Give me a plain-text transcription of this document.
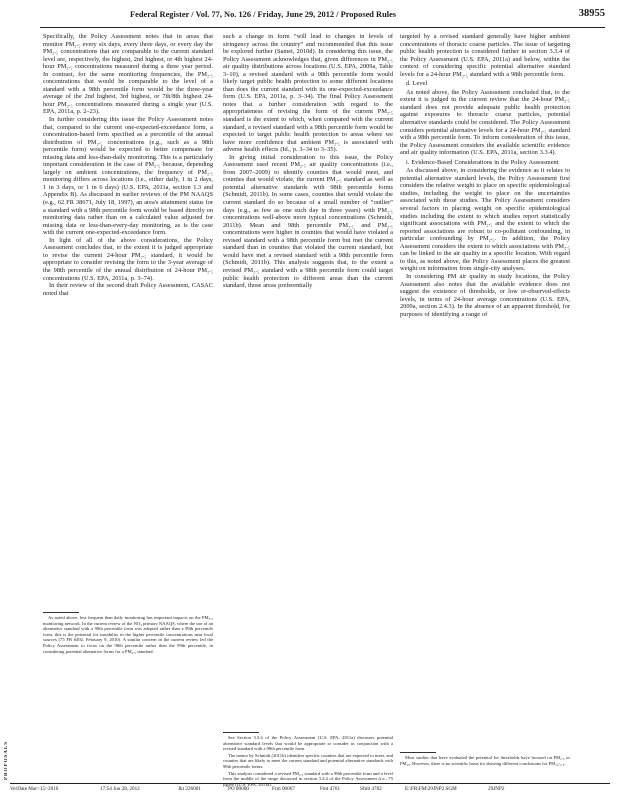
Federal Register / Vol. 77, No. 126 / Friday, June 29, 2012 / Proposed Rules	38955

Specifically, the Policy Assessment notes that in areas that monitor PM₂.₅ every six days, every three days, or every day the PM₂.₅ concentrations that are comparable to the current standard level are, respectively, the highest, 2nd highest, or 4th highest 24-hour PM₂.₅ concentrations measured during a three year period. In contrast, for the same monitoring frequencies, the PM₂.₅ concentrations that would be comparable to the level of a standard with a 98th percentile form would be the three-year average of the 2nd highest, 3rd highest, or 7th/8th highest 24-hour PM₂.₅ concentrations measured during a single year (U.S. EPA, 2011a, p. 2–23).

In further considering this issue the Policy Assessment notes that, compared to the current one-expected-exceedance form, a concentration-based form specified as a percentile of the annual distribution of PM₂.₅ concentrations (e.g., such as a 98th percentile form) would be expected to better compensate for missing data and less-than-daily monitoring. This is a particularly important consideration in the case of PM₂.₅ because, depending largely on ambient concentrations, the frequency of PM₂.₅ monitoring differs across locations (i.e., either daily, 1 in 2 days, 1 in 3 days, or 1 in 6 days) (U.S. EPA, 2011a, section 1.3 and Appendix B). As discussed in earlier reviews of the PM NAAQS (e.g., 62 FR 38671, July 18, 1997), an area's attainment status for a standard with a 98th percentile form would be based directly on monitoring data rather than on a calculated value adjusted for missing data or less-than-every-day monitoring, as is the case with the current one-expected-exceedance form.

In light of all of the above considerations, the Policy Assessment concludes that, to the extent it is judged appropriate to revise the current 24-hour PM₂.₅ standard, it would be appropriate to consider revising the form to the 3-year average of the 98th percentile of the annual distribution of 24-hour PM₂.₅ concentrations (U.S. EPA, 2011a, p. 3–74).

In their review of the second draft Policy Assessment, CASAC noted that

such a change in form “will lead to changes in levels of stringency across the country” and recommended that this issue be explored further (Samet, 2010d). In considering this issue, the Policy Assessment acknowledges that, given differences in PM₂.₅ air quality distributions across locations (U.S. EPA, 2009a, Table 3–10), a revised standard with a 98th percentile form would likely target public health protection to some different locations than does the current standard with its one-expected-exceedance form (U.S. EPA, 2011a, p. 3–34). The final Policy Assessment notes that a further consideration with regard to the appropriateness of revising the form of the current PM₂.₅ standard is the extent to which, when compared with the current standard, a revised standard with a 98th percentile form would be expected to target public health protection to areas where we have more confidence that ambient PM₂.₅ is associated with adverse health effects (Id., p. 3–34 to 3–35).

In giving initial consideration to this issue, the Policy Assessment used recent PM₂.₅ air quality concentrations (i.e., from 2007–2009) to identify counties that would meet, and counties that would violate, the current PM₂.₅ standard as well as potential alternative standards with 98th percentile forms (Schmidt, 2011b). In some cases, counties that would violate the current standard do so because of a small number of “outlier” days (e.g., as few as one such day in three years) with PM₂.₅ concentrations well-above more typical concentrations (Schmidt, 2011b). Mean and 98th percentile PM₂.₅ and PM₂.₅ concentrations were higher in counties that would have violated a revised standard with a 98th percentile form but met the current standard than in counties that violated the current standard, but would have met a revised standard with a 98th percentile form (Schmidt, 2011b). This analysis suggests that, to the extent a revised PM₂.₅ standard with a 98th percentile form could target public health protection to different areas than the current standard, those areas preferentially

targeted by a revised standard generally have higher ambient concentrations of thoracic coarse particles. The issue of targeting public health protection is considered further in section 3.3.4 of the Policy Assessment (U.S. EPA, 2011a) and below, within the context of considering specific potential alternative standard levels for a 24-hour PM₂.₅ standard with a 98th percentile form.

d. Level

As noted above, the Policy Assessment concluded that, to the extent it is judged in the current review that the 24-hour PM₂.₅ standard does not provide adequate public health protection against exposures to thoracic coarse particles, potential alternative standards could be considered. The Policy Assessment considers potential alternative levels for a 24-hour PM₂.₅ standard with a 98th percentile form. To inform consideration of this issue, the Policy Assessment considers the available scientific evidence and air quality information (U.S. EPA, 2011a, section 3.3.4).

i. Evidence-Based Considerations in the Policy Assessment

As discussed above, in considering the evidence as it relates to potential alternative standard levels, the Policy Assessment first considers the relative weight to place on specific epidemiological studies, including the weight to place on the uncertainties associated with those studies. The Policy Assessment considers several factors in placing weight on specific epidemiological studies including the extent to which studies report statistically significant associations with PM₂.₅ and the extent to which the reported associations are robust to co-pollutant confounding, in particular confounding by PM₂.₅. In addition, the Policy Assessment considers the extent to which associations with PM₂.₅ can be linked to the air quality in a specific location. With regard to this, as noted above, the Policy Assessment places the greatest weight on information from single-city analyses.

In considering PM air quality in study locations, the Policy Assessment also notes that the available evidence does not suggest the existence of thresholds, or low or-observed-effects levels, in terms of 24-hour average concentrations (U.S. EPA, 2009a, section 2.4.3). In the absence of an apparent threshold, for purposes of identifying a range of

As noted above, less frequent than daily monitoring has important impacts on the PM₂.₅ monitoring network. In the current review of the NO₂ primary NAAQS, where the use of an alternative standard with a 98th percentile form was adopted rather than a 99th percentile form, this is the potential for instability in the higher percentile concentrations near local sources (75 FR 6492, February 9, 2010). A similar concern in the current review led the Policy Assessment to focus on the 98th percentile rather than the 99th percentile, in considering potential alternative forms for a PM₂.₅ standard.

See Section 3.3.4 of the Policy Assessment (U.S. EPA, 2011a) discusses potential alternative standard levels that would be appropriate to consider in conjunction with a revised standard with a 98th percentile form.

The memo by Schmidt (2011b) identifies specific counties that are expected to meet, and counties that are likely to meet the current standard and potential alternative standards with 98th percentile forms.

This analysis considered a revised PM₂.₅ standard with a 98th percentile form and a level from the middle of the range discussed in section 3.3.4 of the Policy Assessment (i.e., 75 µg/m³) (U.S. EPA, 2011a).

Most studies that have evaluated the potential for thresholds have focused on PM₂.₅ or PM₁₀. However, there is no scientific basis for drawing different conclusions for PM₁₀-₂.₅.

PROPOSALS
VerDate Mar<15>2010	17:54 Jun 28, 2012	Jkt 226001	PO 00000	Frm 00067	Fmt 4701	Sfmt 4702	E:\FR\FM\29JNP2.SGM	29JNP2
